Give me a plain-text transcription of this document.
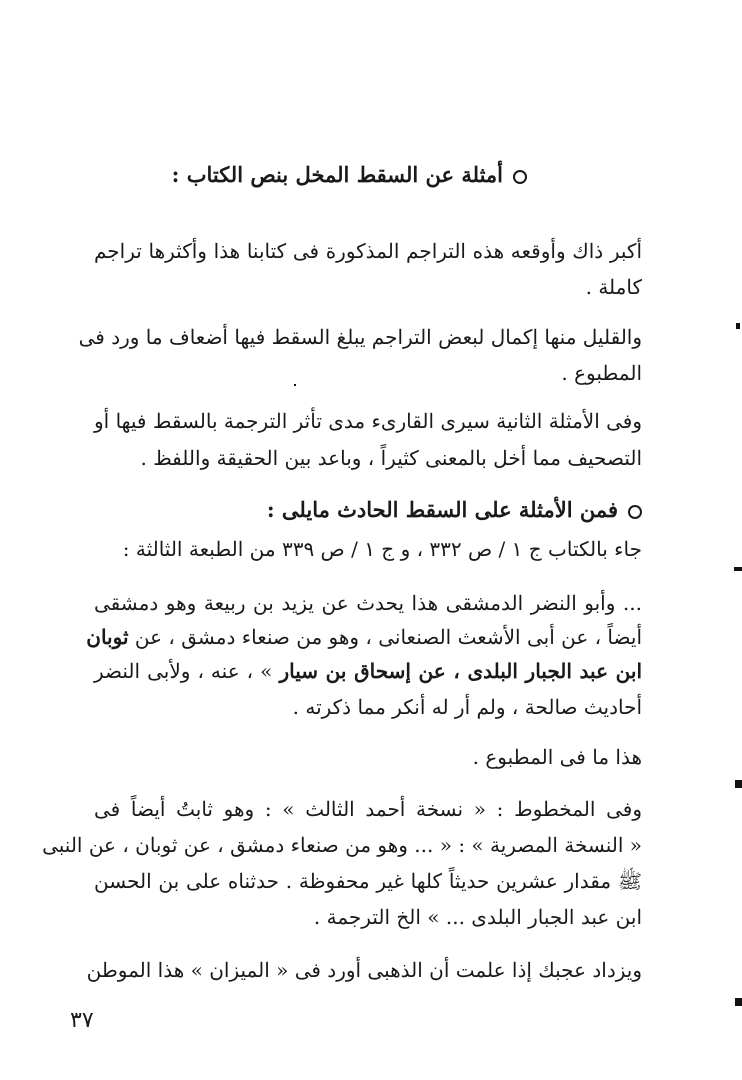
أمثلة عن السقط المخل بنص الكتاب :
أكبر ذاك وأوقعه هذه التراجم المذكورة فى كتابنا هذا وأكثرها تراجم
كاملة .
والقليل منها إكمال لبعض التراجم يبلغ السقط فيها أضعاف ما ورد فى
المطبوع .
وفى الأمثلة الثانية سيرى القارىء مدى تأثر الترجمة بالسقط فيها أو
التصحيف مما أخل بالمعنى كثيراً ، وباعد بين الحقيقة واللفظ .
فمن الأمثلة على السقط الحادث مايلى :
جاء بالكتاب ج ١ / ص ٣٣٢ ، و ج ١ / ص ٣٣٩ من الطبعة الثالثة :
... وأبو النضر الدمشقى هذا يحدث عن يزيد بن ربيعة وهو دمشقى
أيضاً ، عن أبى الأشعث الصنعانى ، وهو من صنعاء دمشق ، عن ثوبان
ابن عبد الجبار البلدى ، عن إسحاق بن سيار » ، عنه ، ولأبى النضر
أحاديث صالحة ، ولم أر له أنكر مما ذكرته .
هذا ما فى المطبوع .
وفى المخطوط : « نسخة أحمد الثالث » : وهو ثابتُ أيضاً فى
« النسخة المصرية » : « ... وهو من صنعاء دمشق ، عن ثوبان ، عن النبى
ﷺ مقدار عشرين حديثاً كلها غير محفوظة . حدثناه على بن الحسن
ابن عبد الجبار البلدى ... » الخ الترجمة .
ويزداد عجبك إذا علمت أن الذهبى أورد فى « الميزان » هذا الموطن
٣٧
